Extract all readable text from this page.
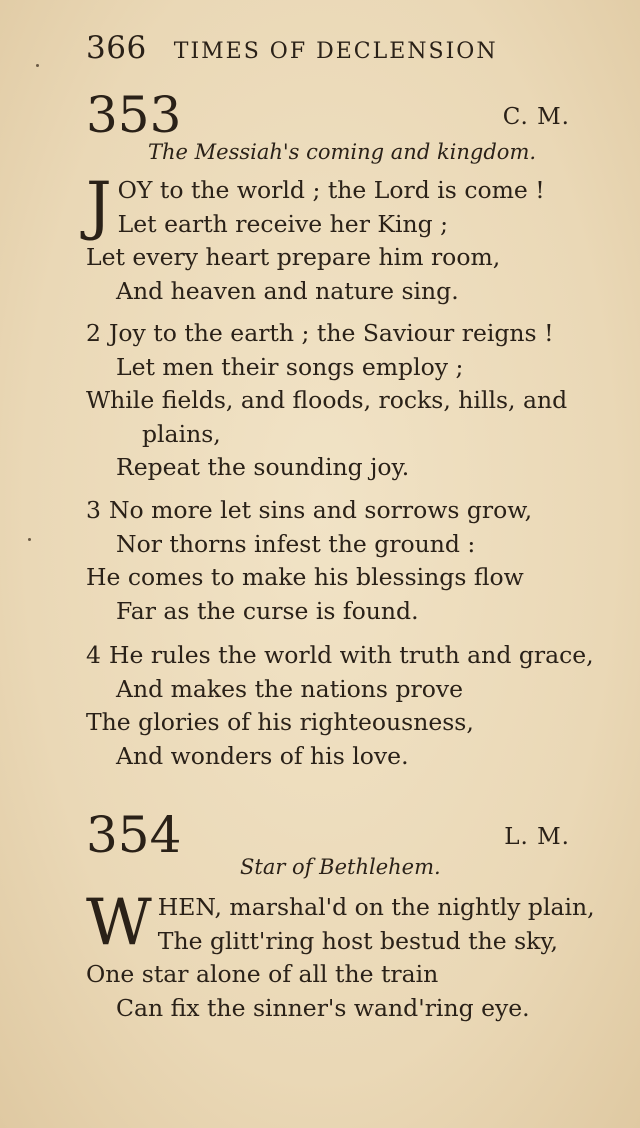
366 TIMES OF DECLENSION
353	C. M.
The Messiah's coming and kingdom.
J OY to the world ; the Lord is come !
Let earth receive her King ;
Let every heart prepare him room,
And heaven and nature sing.
2 Joy to the earth ; the Saviour reigns !
Let men their songs employ ;
While fields, and floods, rocks, hills, and
plains,
Repeat the sounding joy.
3 No more let sins and sorrows grow,
Nor thorns infest the ground :
He comes to make his blessings flow
Far as the curse is found.
4 He rules the world with truth and grace,
And makes the nations prove
The glories of his righteousness,
And wonders of his love.
354	L. M.
Star of Bethlehem.
W HEN, marshal'd on the nightly plain,
The glitt'ring host bestud the sky,
One star alone of all the train
Can fix the sinner's wand'ring eye.
